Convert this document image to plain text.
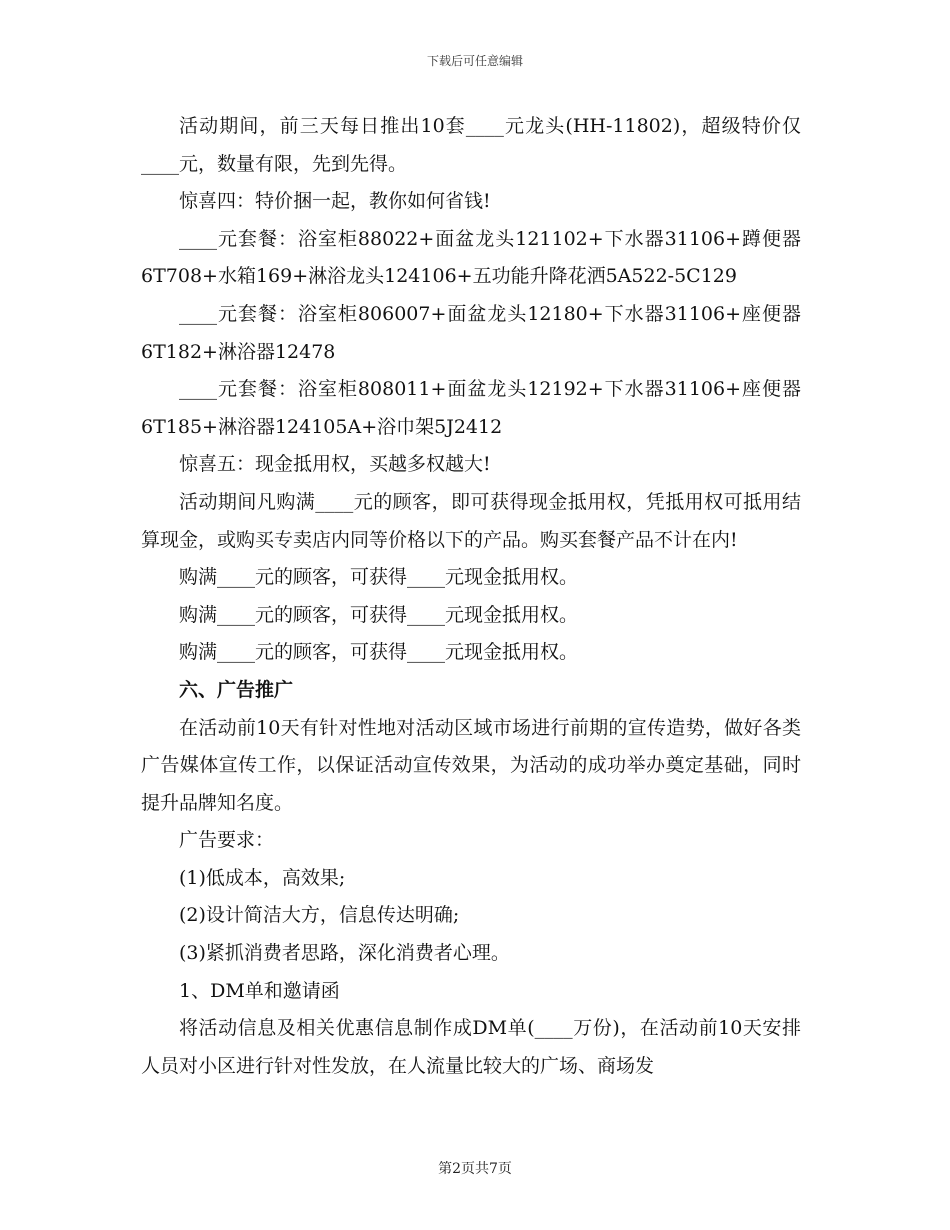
下载后可任意编辑

活动期间，前三天每日推出10套____元龙头(HH-11802)，超级特价仅____元，数量有限，先到先得。

惊喜四：特价捆一起，教你如何省钱!

____元套餐：浴室柜88022+面盆龙头121102+下水器31106+蹲便器6T708+水箱169+淋浴龙头124106+五功能升降花洒5A522-5C129

____元套餐：浴室柜806007+面盆龙头12180+下水器31106+座便器6T182+淋浴器12478

____元套餐：浴室柜808011+面盆龙头12192+下水器31106+座便器6T185+淋浴器124105A+浴巾架5J2412

惊喜五：现金抵用权，买越多权越大!

活动期间凡购满____元的顾客，即可获得现金抵用权，凭抵用权可抵用结算现金，或购买专卖店内同等价格以下的产品。购买套餐产品不计在内!

购满____元的顾客，可获得____元现金抵用权。

购满____元的顾客，可获得____元现金抵用权。

购满____元的顾客，可获得____元现金抵用权。

六、广告推广

在活动前10天有针对性地对活动区域市场进行前期的宣传造势，做好各类广告媒体宣传工作，以保证活动宣传效果，为活动的成功举办奠定基础，同时提升品牌知名度。

广告要求：

(1)低成本，高效果;

(2)设计简洁大方，信息传达明确;

(3)紧抓消费者思路，深化消费者心理。

1、DM单和邀请函

将活动信息及相关优惠信息制作成DM单(____万份)，在活动前10天安排人员对小区进行针对性发放，在人流量比较大的广场、商场发

第2页共7页
